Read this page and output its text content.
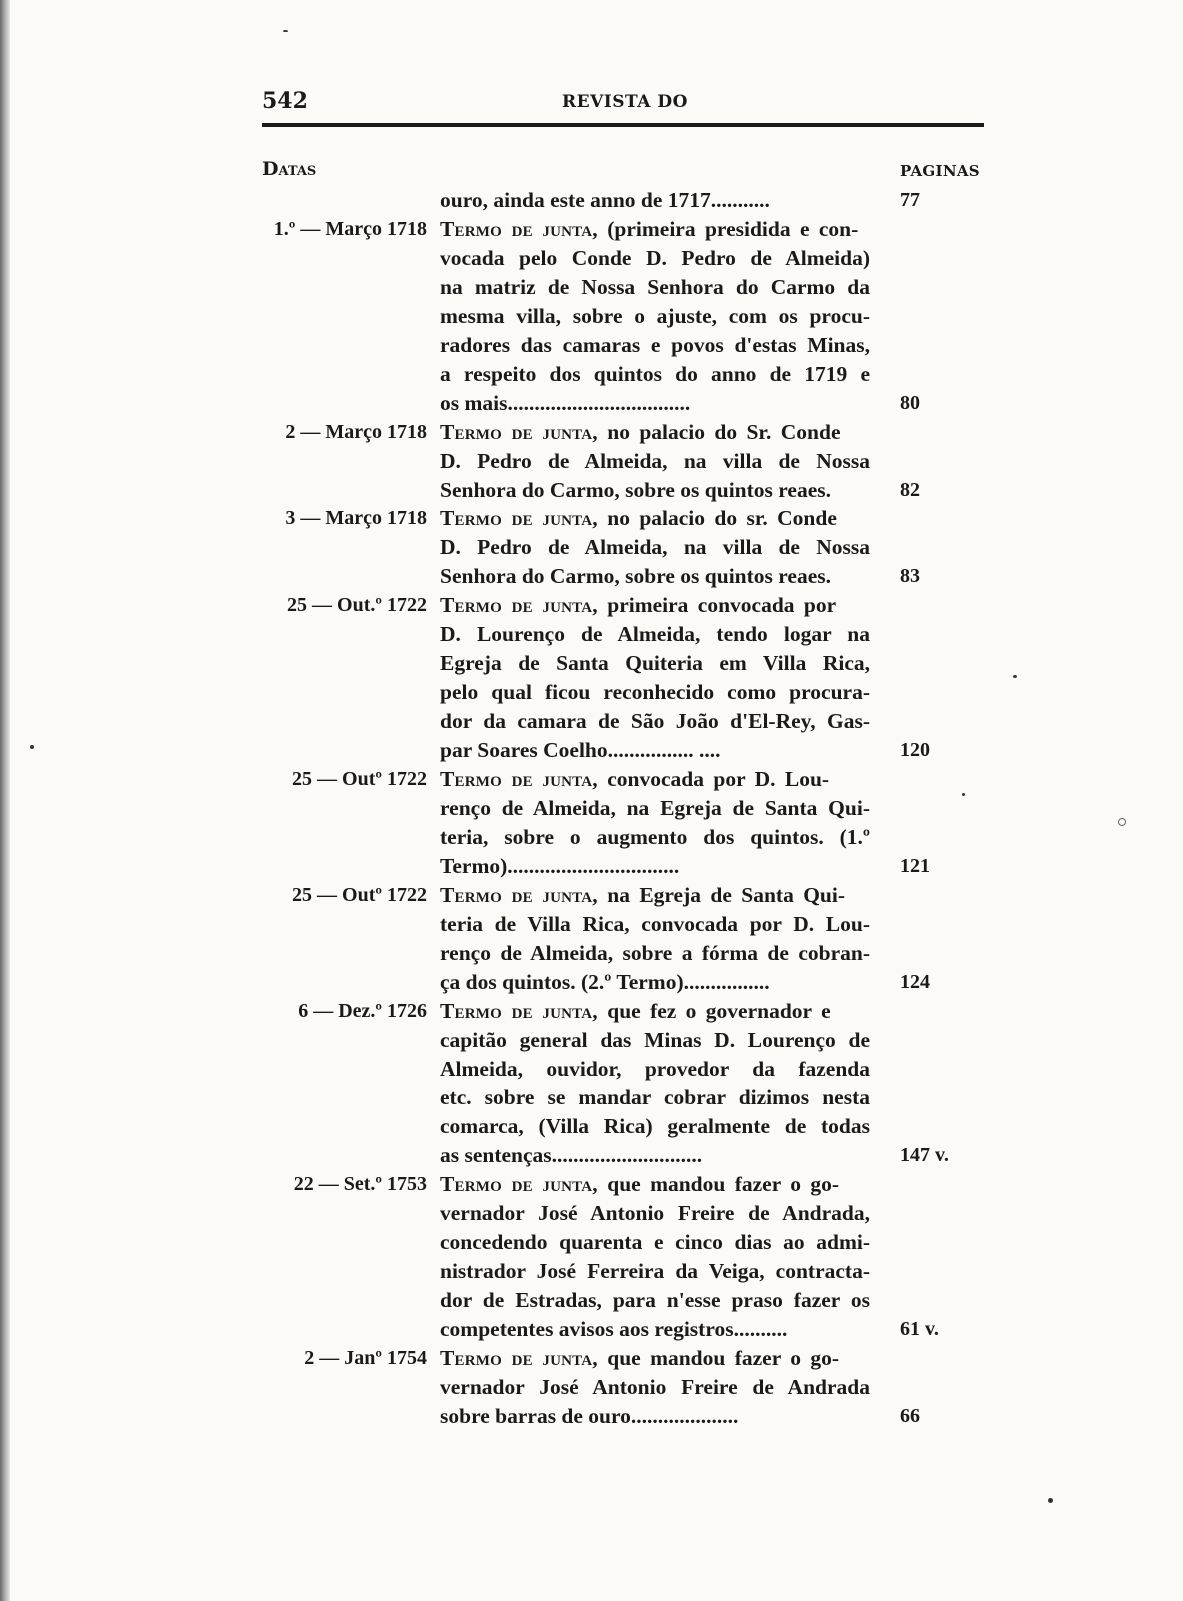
542	REVISTA DO
Datas	PAGINAS
ouro, ainda este anno de 1717...........	77
1.º — Março 1718 Termo de junta, (primeira presidida e con-
vocada pelo Conde D. Pedro de Almeida)
na matriz de Nossa Senhora do Carmo da
mesma villa, sobre o ajuste, com os procu-
radores das camaras e povos d'estas Minas,
a respeito dos quintos do anno de 1719 e
os mais..................................	80
2 — Março 1718 Termo de junta, no palacio do Sr. Conde
D. Pedro de Almeida, na villa de Nossa
Senhora do Carmo, sobre os quintos reaes.	82
3 — Março 1718 Termo de junta, no palacio do sr. Conde
D. Pedro de Almeida, na villa de Nossa
Senhora do Carmo, sobre os quintos reaes.	83
25 — Out.º 1722 Termo de junta, primeira convocada por
D. Lourenço de Almeida, tendo logar na
Egreja de Santa Quiteria em Villa Rica,
pelo qual ficou reconhecido como procura-
dor da camara de São João d'El-Rey, Gas-
par Soares Coelho................ ....	120
25 — Outº 1722 Termo de junta, convocada por D. Lou-
renço de Almeida, na Egreja de Santa Qui-
teria, sobre o augmento dos quintos. (1.º
Termo)................................	121
25 — Outº 1722 Termo de junta, na Egreja de Santa Qui-
teria de Villa Rica, convocada por D. Lou-
renço de Almeida, sobre a fórma de cobran-
ça dos quintos. (2.º Termo)................	124
6 — Dez.º 1726 Termo de junta, que fez o governador e
capitão general das Minas D. Lourenço de
Almeida, ouvidor, provedor da fazenda
etc. sobre se mandar cobrar dizimos nesta
comarca, (Villa Rica) geralmente de todas
as sentenças............................	147 v.
22 — Set.º 1753 Termo de junta, que mandou fazer o go-
vernador José Antonio Freire de Andrada,
concedendo quarenta e cinco dias ao admi-
nistrador José Ferreira da Veiga, contracta-
dor de Estradas, para n'esse praso fazer os
competentes avisos aos registros..........	61 v.
2 — Janº 1754 Termo de junta, que mandou fazer o go-
vernador José Antonio Freire de Andrada
sobre barras de ouro....................	66
